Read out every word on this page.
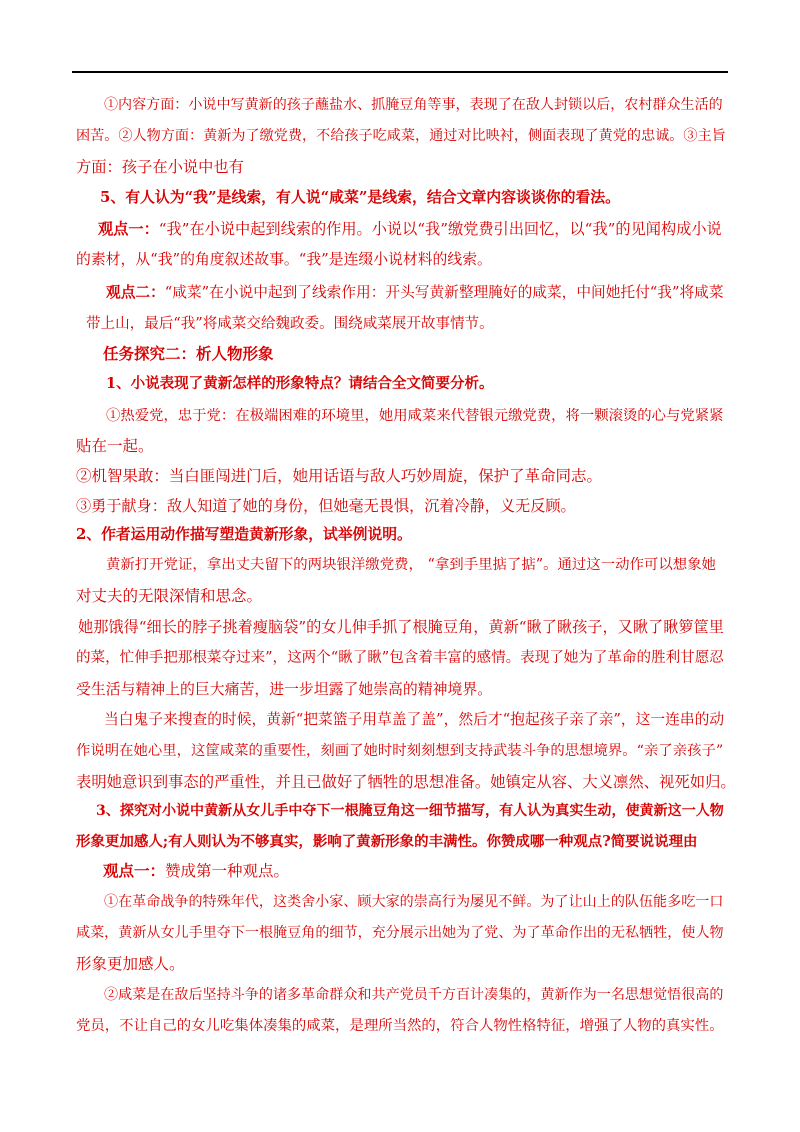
①内容方面：小说中写黄新的孩子蘸盐水、抓腌豆角等事，表现了在敌人封锁以后，农村群众生活的
困苦。②人物方面：黄新为了缴党费，不给孩子吃咸菜，通过对比映衬，侧面表现了黄党的忠诚。③主旨
方面：孩子在小说中也有
5、有人认为“我”是线索，有人说“咸菜”是线索，结合文章内容谈谈你的看法。
观点一：“我”在小说中起到线索的作用。小说以“我”缴党费引出回忆，以“我”的见闻构成小说
的素材，从“我”的角度叙述故事。“我”是连缀小说材料的线索。
观点二：“咸菜”在小说中起到了线索作用：开头写黄新整理腌好的咸菜，中间她托付“我”将咸菜
带上山，最后“我”将咸菜交给魏政委。围绕咸菜展开故事情节。
任务探究二：析人物形象
1、小说表现了黄新怎样的形象特点？请结合全文简要分析。
①热爱党，忠于党：在极端困难的环境里，她用咸菜来代替银元缴党费，将一颗滚烫的心与党紧紧
贴在一起。
②机智果敢：当白匪闯进门后，她用话语与敌人巧妙周旋，保护了革命同志。
③勇于献身：敌人知道了她的身份，但她毫无畏惧，沉着冷静，义无反顾。
2、作者运用动作描写塑造黄新形象，试举例说明。
黄新打开党证，拿出丈夫留下的两块银洋缴党费， “拿到手里掂了掂”。通过这一动作可以想象她
对丈夫的无限深情和思念。
她那饿得“细长的脖子挑着瘦脑袋”的女儿伸手抓了根腌豆角，黄新“瞅了瞅孩子，又瞅了瞅箩筐里
的菜，忙伸手把那根菜夺过来”，这两个“瞅了瞅”包含着丰富的感情。表现了她为了革命的胜利甘愿忍
受生活与精神上的巨大痛苦，进一步坦露了她崇高的精神境界。
当白鬼子来搜查的时候，黄新“把菜篮子用草盖了盖”，然后才“抱起孩子亲了亲”，这一连串的动
作说明在她心里，这筐咸菜的重要性，刻画了她时时刻刻想到支持武装斗争的思想境界。“亲了亲孩子”
表明她意识到事态的严重性，并且已做好了牺牲的思想准备。她镇定从容、大义凛然、视死如归。
3、探究对小说中黄新从女儿手中夺下一根腌豆角这一细节描写，有人认为真实生动，使黄新这一人物
形象更加感人;有人则认为不够真实，影响了黄新形象的丰满性。你赞成哪一种观点?简要说说理由
观点一：赞成第一种观点。
①在革命战争的特殊年代，这类舍小家、顾大家的崇高行为屡见不鲜。为了让山上的队伍能多吃一口
咸菜，黄新从女儿手里夺下一根腌豆角的细节，充分展示出她为了党、为了革命作出的无私牺牲，使人物
形象更加感人。
②咸菜是在敌后坚持斗争的诸多革命群众和共产党员千方百计凑集的，黄新作为一名思想觉悟很高的
党员，不让自己的女儿吃集体凑集的咸菜，是理所当然的，符合人物性格特征，增强了人物的真实性。
